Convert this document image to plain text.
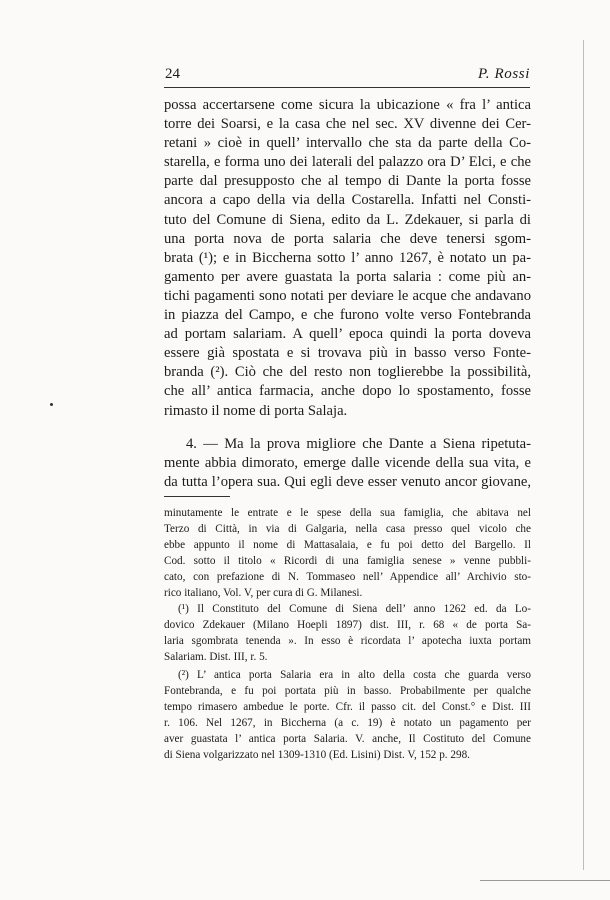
24	P. Rossi
possa accertarsene come sicura la ubicazione « fra l’ antica
torre dei Soarsi, e la casa che nel sec. XV divenne dei Cer-
retani » cioè in quell’ intervallo che sta da parte della Co-
starella, e forma uno dei laterali del palazzo ora D’ Elci, e che
parte dal presupposto che al tempo di Dante la porta fosse
ancora a capo della via della Costarella. Infatti nel Consti-
tuto del Comune di Siena, edito da L. Zdekauer, si parla di
una porta nova de porta salaria che deve tenersi sgom-
brata (¹); e in Biccherna sotto l’ anno 1267, è notato un pa-
gamento per avere guastata la porta salaria : come più an-
tichi pagamenti sono notati per deviare le acque che andavano
in piazza del Campo, e che furono volte verso Fontebranda
ad portam salariam. A quell’ epoca quindi la porta doveva
essere già spostata e si trovava più in basso verso Fonte-
branda (²). Ciò che del resto non toglierebbe la possibilità,
che all’ antica farmacia, anche dopo lo spostamento, fosse
rimasto il nome di porta Salaja.
4. — Ma la prova migliore che Dante a Siena ripetuta-
mente abbia dimorato, emerge dalle vicende della sua vita, e
da tutta l’opera sua. Qui egli deve esser venuto ancor giovane,
minutamente le entrate e le spese della sua famiglia, che abitava nel
Terzo di Città, in via di Galgaria, nella casa presso quel vicolo che
ebbe appunto il nome di Mattasalaia, e fu poi detto del Bargello. Il
Cod. sotto il titolo « Ricordi di una famiglia senese » venne pubbli-
cato, con prefazione di N. Tommaseo nell’ Appendice all’ Archivio sto-
rico italiano, Vol. V, per cura di G. Milanesi.
(¹) Il Constituto del Comune di Siena dell’ anno 1262 ed. da Lo-
dovico Zdekauer (Milano Hoepli 1897) dist. III, r. 68 « de porta Sa-
laria sgombrata tenenda ». In esso è ricordata l’ apotecha iuxta portam
Salariam. Dist. III, r. 5.
(²) L’ antica porta Salaria era in alto della costa che guarda verso
Fontebranda, e fu poi portata più in basso. Probabilmente per qualche
tempo rimasero ambedue le porte. Cfr. il passo cit. del Const.° e Dist. III
r. 106. Nel 1267, in Biccherna (a c. 19) è notato un pagamento per
aver guastata l’ antica porta Salaria. V. anche, Il Costituto del Comune
di Siena volgarizzato nel 1309-1310 (Ed. Lisini) Dist. V, 152 p. 298.
